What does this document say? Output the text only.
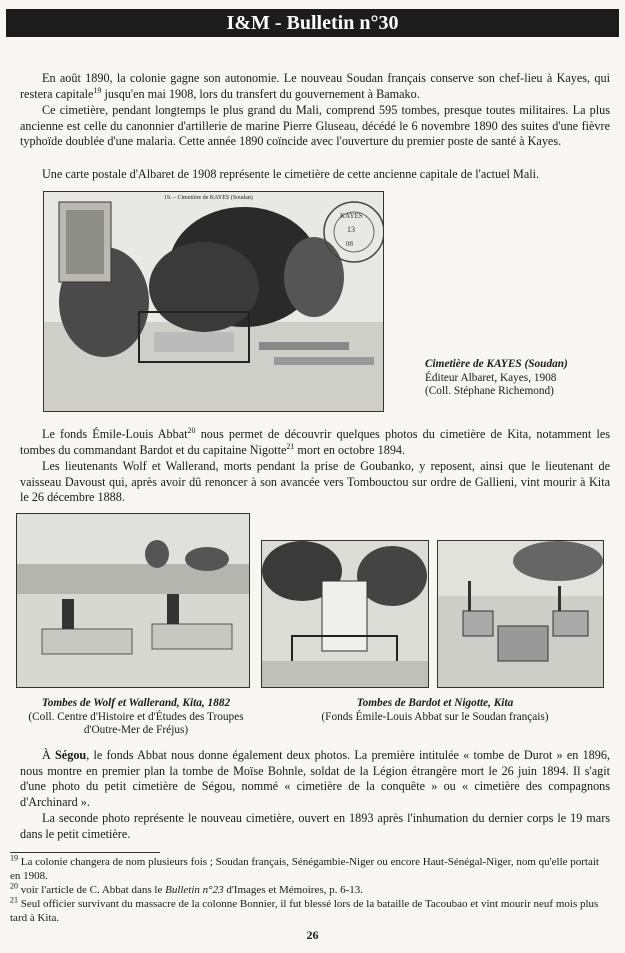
I&M - Bulletin n°30

En août 1890, la colonie gagne son autonomie. Le nouveau Soudan français conserve son chef-lieu à Kayes, qui restera capitale$^{19}$ jusqu'en mai 1908, lors du transfert du gouvernement à Bamako.

Ce cimetière, pendant longtemps le plus grand du Mali, comprend 595 tombes, presque toutes militaires. La plus ancienne est celle du canonnier d'artillerie de marine Pierre Gluseau, décédé le 6 novembre 1890 des suites d'une fièvre typhoïde doublée d'une malaria. Cette année 1890 coïncide avec l'ouverture du premier poste de santé à Kayes.

Une carte postale d'Albaret de 1908 représente le cimetière de cette ancienne capitale de l'actuel Mali.

19. – Cimetière de KAYES (Soudan)
KAYES
13
08
Cimetière de KAYES (Soudan)
Éditeur Albaret, Kayes, 1908
(Coll. Stéphane Richemond)

Le fonds Émile-Louis Abbat$^{20}$ nous permet de découvrir quelques photos du cimetière de Kita, notamment les tombes du commandant Bardot et du capitaine Nigotte$^{21}$ mort en octobre 1894.

Les lieutenants Wolf et Wallerand, morts pendant la prise de Goubanko, y reposent, ainsi que le lieutenant de vaisseau Davoust qui, après avoir dû renoncer à son avancée vers Tombouctou sur ordre de Gallieni, vint mourir à Kita le 26 décembre 1888.

Tombes de Wolf et Wallerand, Kita, 1882
(Coll. Centre d'Histoire et d'Études des Troupes
d'Outre-Mer de Fréjus)
Tombes de Bardot et Nigotte, Kita
(Fonds Émile-Louis Abbat sur le Soudan français)

À Ségou, le fonds Abbat nous donne également deux photos. La première intitulée « tombe de Durot » en 1896, nous montre en premier plan la tombe de Moïse Bohnle, soldat de la Légion étrangère mort le 26 juin 1894. Il s'agit d'une photo du petit cimetière de Ségou, nommé « cimetière de la conquête » ou « cimetière des compagnons d'Archinard ».

La seconde photo représente le nouveau cimetière, ouvert en 1893 après l'inhumation du dernier corps le 19 mars dans le petit cimetière.

$^{19}$ La colonie changera de nom plusieurs fois ; Soudan français, Sénégambie-Niger ou encore Haut-Sénégal-Niger, nom qu'elle portait en 1908.

$^{20}$ voir l'article de C. Abbat dans le Bulletin n°23 d'Images et Mémoires, p. 6-13.

$^{21}$ Seul officier survivant du massacre de la colonne Bonnier, il fut blessé lors de la bataille de Tacoubao et vint mourir neuf mois plus tard à Kita.

26
